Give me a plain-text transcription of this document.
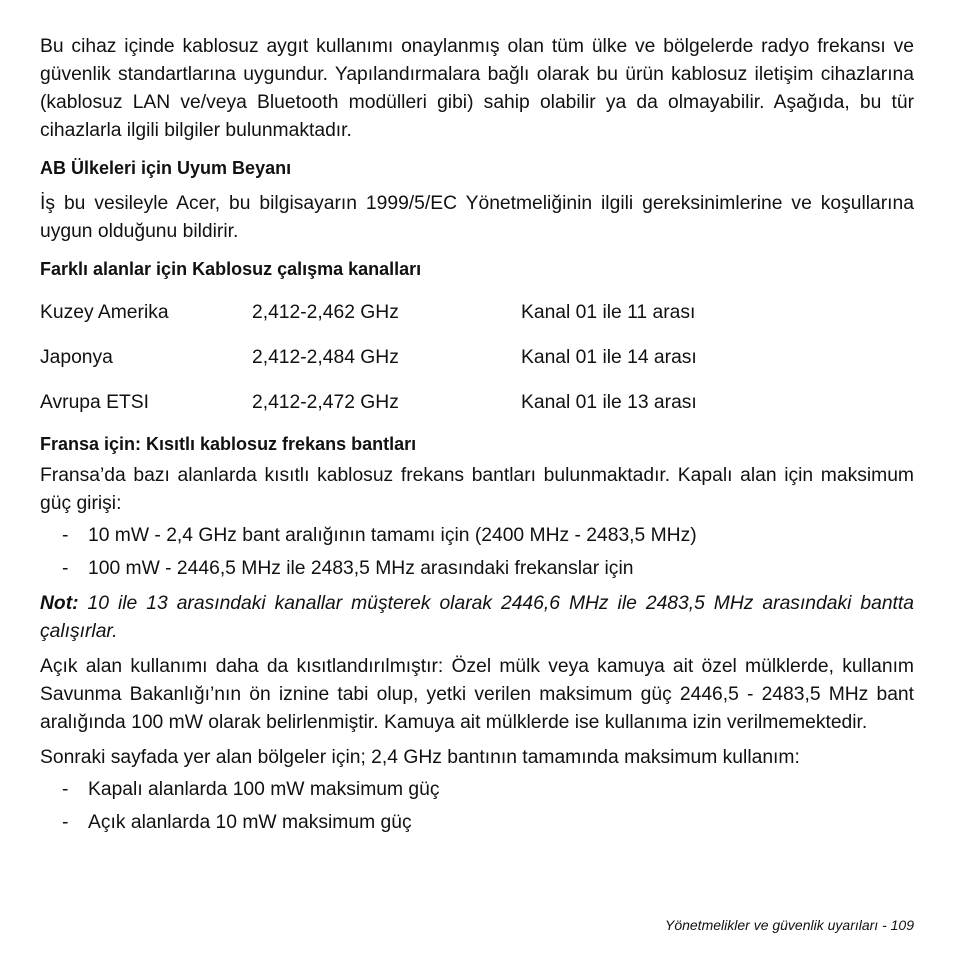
Bu cihaz içinde kablosuz aygıt kullanımı onaylanmış olan tüm ülke ve bölgelerde radyo frekansı ve güvenlik standartlarına uygundur. Yapılandırmalara bağlı olarak bu ürün kablosuz iletişim cihazlarına (kablosuz LAN ve/veya Bluetooth modülleri gibi) sahip olabilir ya da olmayabilir. Aşağıda, bu tür cihazlarla ilgili bilgiler bulunmaktadır.

AB Ülkeleri için Uyum Beyanı

İş bu vesileyle Acer, bu bilgisayarın 1999/5/EC Yönetmeliğinin ilgili gereksinimlerine ve koşullarına uygun olduğunu bildirir.

Farklı alanlar için Kablosuz çalışma kanalları
Kuzey Amerika	2,412-2,462 GHz	Kanal 01 ile 11 arası
Japonya	2,412-2,484 GHz	Kanal 01 ile 14 arası
Avrupa ETSI	2,412-2,472 GHz	Kanal 01 ile 13 arası
Fransa için: Kısıtlı kablosuz frekans bantları

Fransa’da bazı alanlarda kısıtlı kablosuz frekans bantları bulunmaktadır. Kapalı alan için maksimum güç girişi:

-	10 mW - 2,4 GHz bant aralığının tamamı için (2400 MHz - 2483,5 MHz)
-	100 mW - 2446,5 MHz ile 2483,5 MHz arasındaki frekanslar için

Not: 10 ile 13 arasındaki kanallar müşterek olarak 2446,6 MHz ile 2483,5 MHz arasındaki bantta çalışırlar.

Açık alan kullanımı daha da kısıtlandırılmıştır: Özel mülk veya kamuya ait özel mülklerde, kullanım Savunma Bakanlığı’nın ön iznine tabi olup, yetki verilen maksimum güç 2446,5 - 2483,5 MHz bant aralığında 100 mW olarak belirlenmiştir. Kamuya ait mülklerde ise kullanıma izin verilmemektedir.

Sonraki sayfada yer alan bölgeler için; 2,4 GHz bantının tamamında maksimum kullanım:

-	Kapalı alanlarda 100 mW maksimum güç
-	Açık alanlarda 10 mW maksimum güç
Yönetmelikler ve güvenlik uyarıları - 109
